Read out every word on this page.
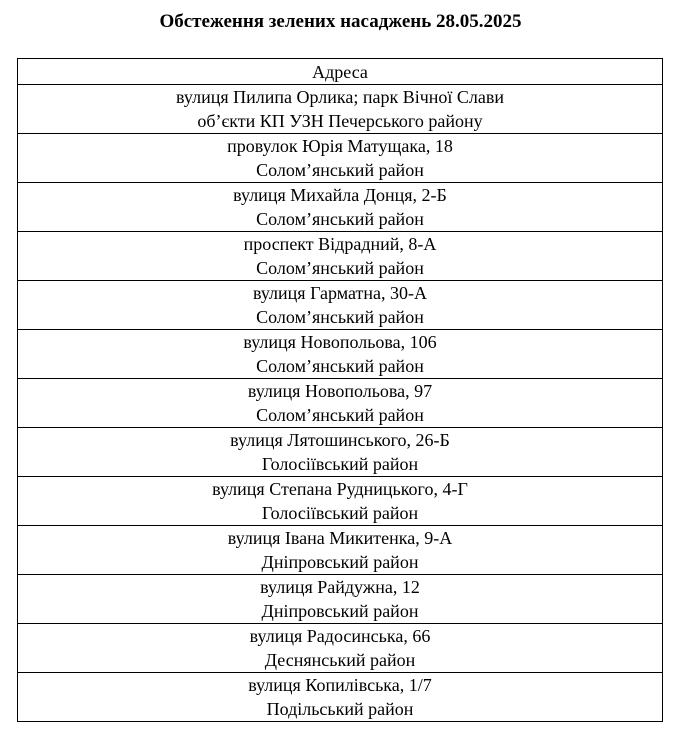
Обстеження зелених насаджень 28.05.2025
Адреса

вулиця Пилипа Орлика; парк Вічної Слави
об’єкти КП УЗН Печерського району

провулок Юрія Матущака, 18
Солом’янський район

вулиця Михайла Донця, 2-Б
Солом’янський район

проспект Відрадний, 8-А
Солом’янський район

вулиця Гарматна, 30-А
Солом’янський район

вулиця Новопольова, 106
Солом’янський район

вулиця Новопольова, 97
Солом’янський район

вулиця Лятошинського, 26-Б
Голосіївський район

вулиця Степана Рудницького, 4-Г
Голосіївський район

вулиця Івана Микитенка, 9-А
Дніпровський район

вулиця Райдужна, 12
Дніпровський район

вулиця Радосинська, 66
Деснянський район

вулиця Копилівська, 1/7
Подільський район
